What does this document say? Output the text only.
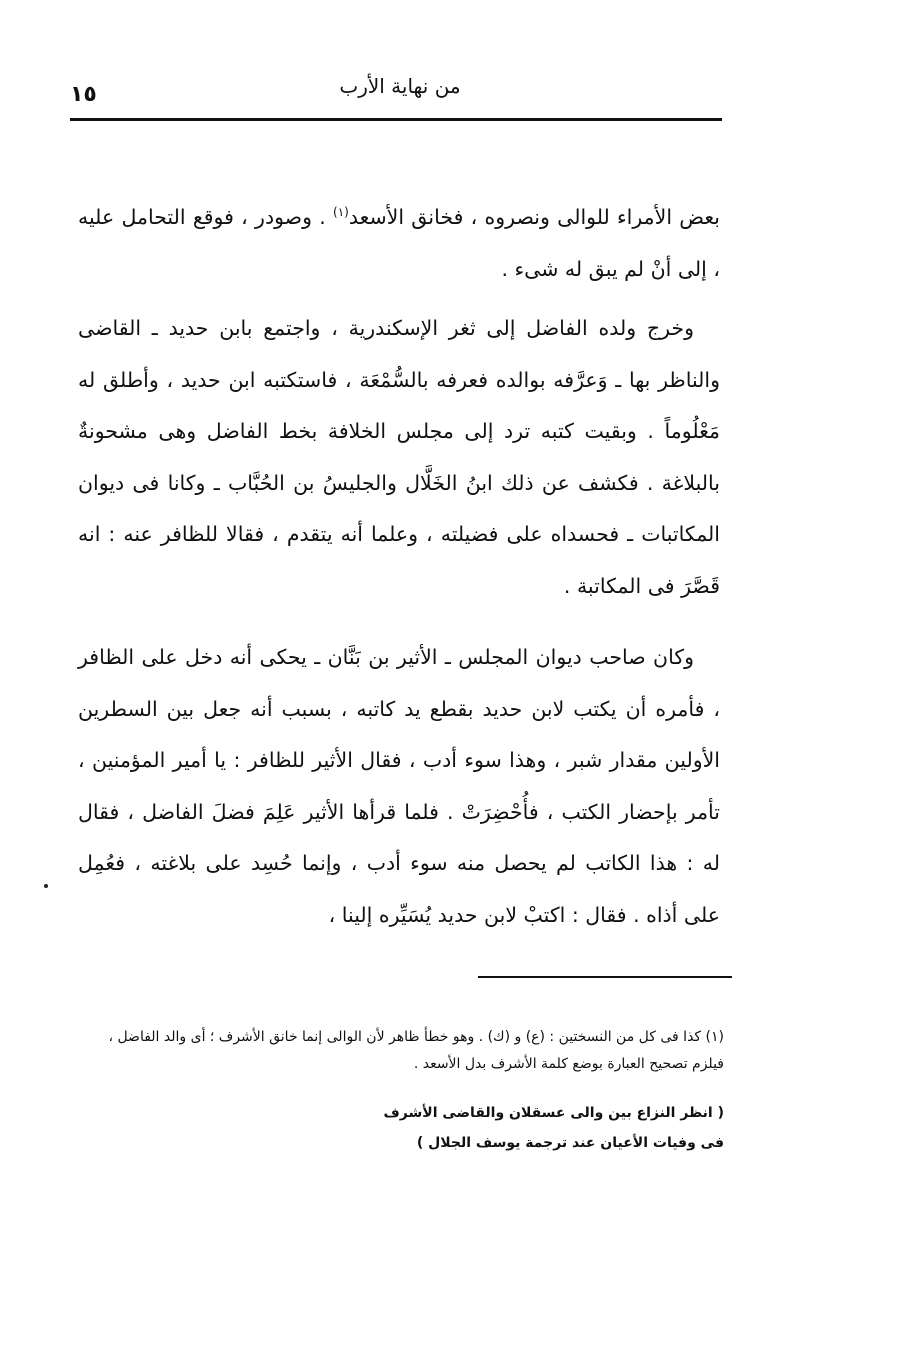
١٥	من نهاية الأرب

بعض الأمراء للوالى ونصروه ، فخانق الأسعد$^{(١)}$ . وصودر ، فوقع التحامل عليه ، إلى أنْ لم يبق له شىء .

وخرج ولده الفاضل إلى ثغر الإسكندرية ، واجتمع بابن حديد ـ القاضى والناظر بها ـ وَعرَّفه بوالده فعرفه بالسُّمْعَة ، فاستكتبه ابن حديد ، وأطلق له مَعْلُوماً . وبقيت كتبه ترد إلى مجلس الخلافة بخط الفاضل وهى مشحونةٌ بالبلاغة . فكشف عن ذلك ابنُ الخَلَّال والجليسُ بن الحُبَّاب ـ وكانا فى ديوان المكاتبات ـ فحسداه على فضيلته ، وعلما أنه يتقدم ، فقالا للظافر عنه : انه قَصَّرَ فى المكاتبة .

وكان صاحب ديوان المجلس ـ الأثير بن بَنَّان ـ يحكى أنه دخل على الظافر ، فأمره أن يكتب لابن حديد بقطع يد كاتبه ، بسبب أنه جعل بين السطرين الأولين مقدار شبر ، وهذا سوء أدب ، فقال الأثير للظافر : يا أمير المؤمنين ، تأمر بإحضار الكتب ، فأُحْضِرَتْ . فلما قرأها الأثير عَلِمَ فضلَ الفاضل ، فقال له : هذا الكاتب لم يحصل منه سوء أدب ، وإنما حُسِد على بلاغته ، فعُمِل على أذاه . فقال : اكتبْ لابن حديد يُسَيِّره إلينا ،

(١) كذا فى كل من النسختين : (ع) و (ك) . وهو خطأ ظاهر لأن الوالى إنما خانق الأشرف ؛ أى والد الفاضل ، فيلزم تصحيح العبارة بوضع كلمة الأشرف بدل الأسعد .

( انظر النزاع بين والى عسقلان والقاضى الأشرف
فى وفيات الأعيان عند ترجمة يوسف الجلال )
